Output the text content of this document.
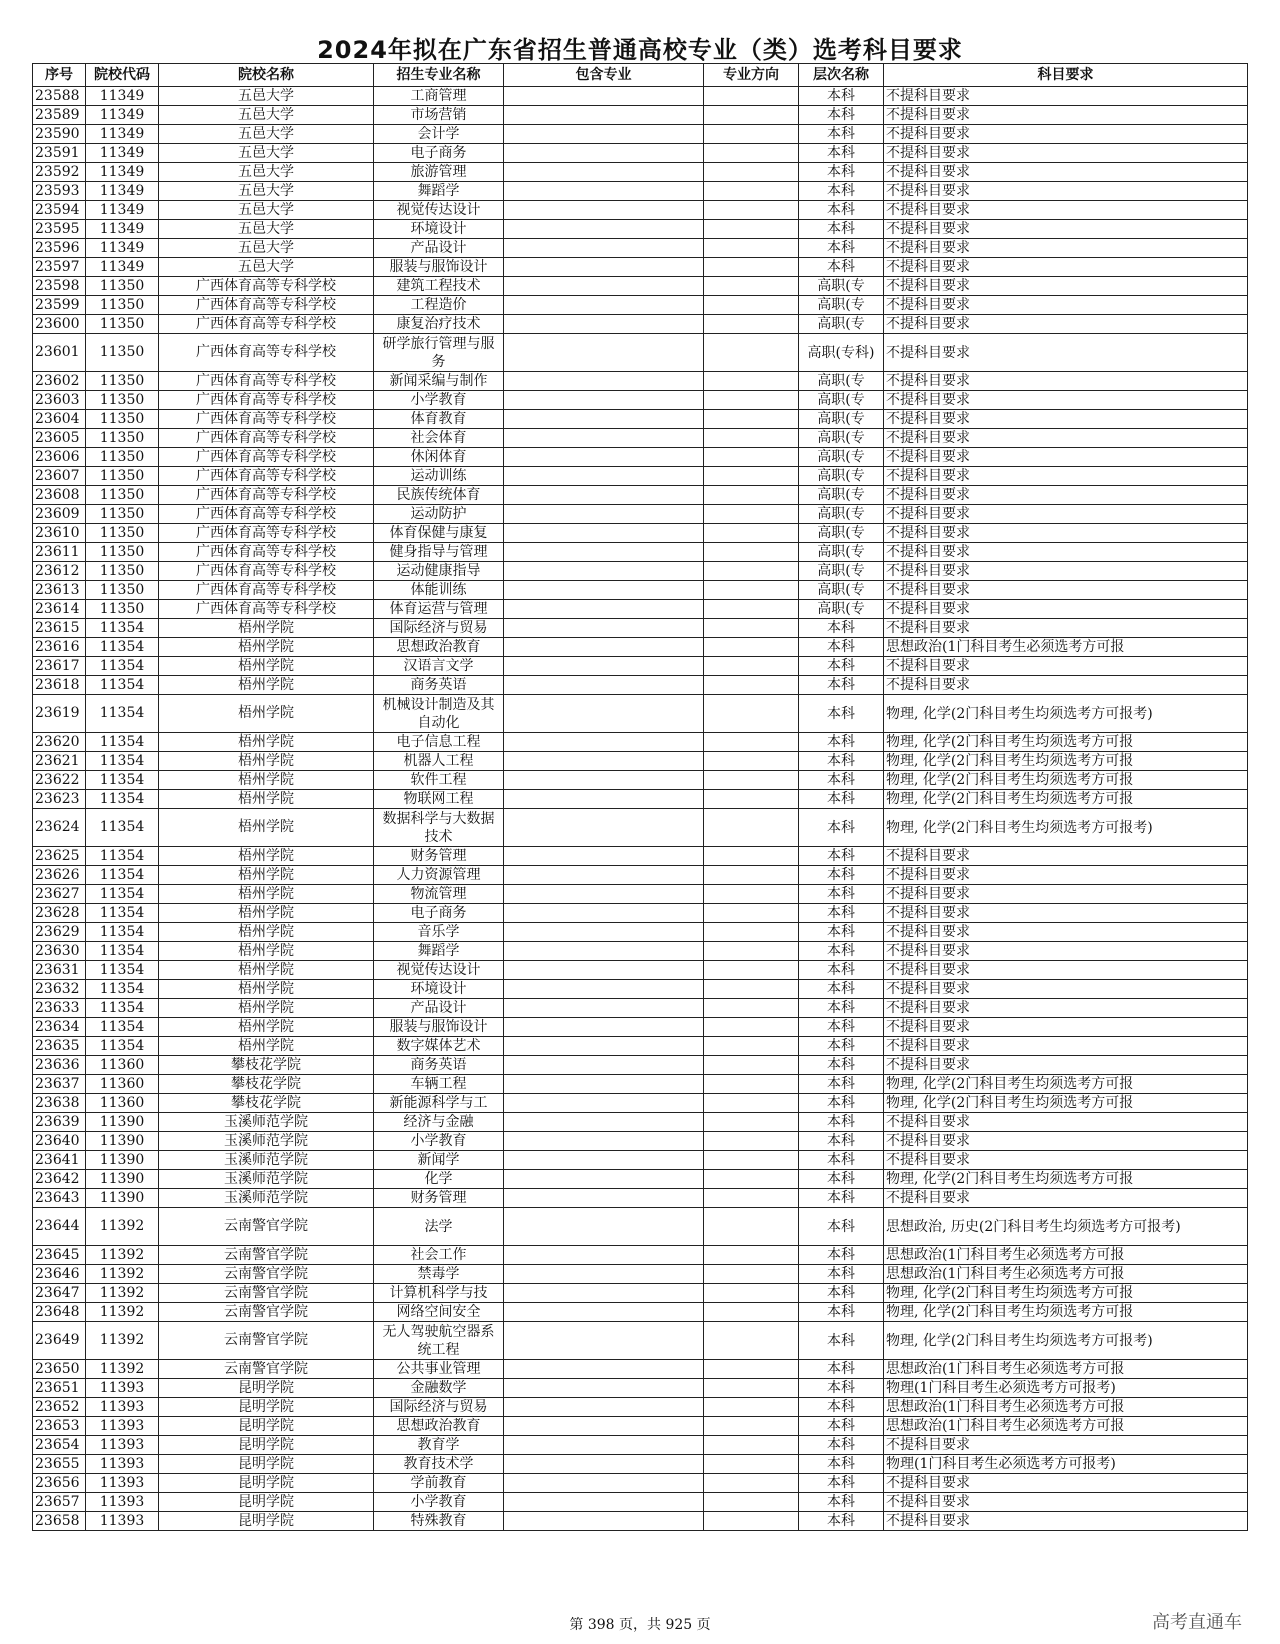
2024年拟在广东省招生普通高校专业（类）选考科目要求
序号	院校代码	院校名称	招生专业名称	包含专业	专业方向	层次名称	科目要求
23588	11349	五邑大学	工商管理			本科	不提科目要求
23589	11349	五邑大学	市场营销			本科	不提科目要求
23590	11349	五邑大学	会计学			本科	不提科目要求
23591	11349	五邑大学	电子商务			本科	不提科目要求
23592	11349	五邑大学	旅游管理			本科	不提科目要求
23593	11349	五邑大学	舞蹈学			本科	不提科目要求
23594	11349	五邑大学	视觉传达设计			本科	不提科目要求
23595	11349	五邑大学	环境设计			本科	不提科目要求
23596	11349	五邑大学	产品设计			本科	不提科目要求
23597	11349	五邑大学	服装与服饰设计			本科	不提科目要求
23598	11350	广西体育高等专科学校	建筑工程技术			高职(专	不提科目要求
23599	11350	广西体育高等专科学校	工程造价			高职(专	不提科目要求
23600	11350	广西体育高等专科学校	康复治疗技术			高职(专	不提科目要求
23601	11350	广西体育高等专科学校	研学旅行管理与服务			高职(专科)	不提科目要求
23602	11350	广西体育高等专科学校	新闻采编与制作			高职(专	不提科目要求
23603	11350	广西体育高等专科学校	小学教育			高职(专	不提科目要求
23604	11350	广西体育高等专科学校	体育教育			高职(专	不提科目要求
23605	11350	广西体育高等专科学校	社会体育			高职(专	不提科目要求
23606	11350	广西体育高等专科学校	休闲体育			高职(专	不提科目要求
23607	11350	广西体育高等专科学校	运动训练			高职(专	不提科目要求
23608	11350	广西体育高等专科学校	民族传统体育			高职(专	不提科目要求
23609	11350	广西体育高等专科学校	运动防护			高职(专	不提科目要求
23610	11350	广西体育高等专科学校	体育保健与康复			高职(专	不提科目要求
23611	11350	广西体育高等专科学校	健身指导与管理			高职(专	不提科目要求
23612	11350	广西体育高等专科学校	运动健康指导			高职(专	不提科目要求
23613	11350	广西体育高等专科学校	体能训练			高职(专	不提科目要求
23614	11350	广西体育高等专科学校	体育运营与管理			高职(专	不提科目要求
23615	11354	梧州学院	国际经济与贸易			本科	不提科目要求
23616	11354	梧州学院	思想政治教育			本科	思想政治(1门科目考生必须选考方可报
23617	11354	梧州学院	汉语言文学			本科	不提科目要求
23618	11354	梧州学院	商务英语			本科	不提科目要求
23619	11354	梧州学院	机械设计制造及其自动化			本科	物理, 化学(2门科目考生均须选考方可报考)
23620	11354	梧州学院	电子信息工程			本科	物理, 化学(2门科目考生均须选考方可报
23621	11354	梧州学院	机器人工程			本科	物理, 化学(2门科目考生均须选考方可报
23622	11354	梧州学院	软件工程			本科	物理, 化学(2门科目考生均须选考方可报
23623	11354	梧州学院	物联网工程			本科	物理, 化学(2门科目考生均须选考方可报
23624	11354	梧州学院	数据科学与大数据技术			本科	物理, 化学(2门科目考生均须选考方可报考)
23625	11354	梧州学院	财务管理			本科	不提科目要求
23626	11354	梧州学院	人力资源管理			本科	不提科目要求
23627	11354	梧州学院	物流管理			本科	不提科目要求
23628	11354	梧州学院	电子商务			本科	不提科目要求
23629	11354	梧州学院	音乐学			本科	不提科目要求
23630	11354	梧州学院	舞蹈学			本科	不提科目要求
23631	11354	梧州学院	视觉传达设计			本科	不提科目要求
23632	11354	梧州学院	环境设计			本科	不提科目要求
23633	11354	梧州学院	产品设计			本科	不提科目要求
23634	11354	梧州学院	服装与服饰设计			本科	不提科目要求
23635	11354	梧州学院	数字媒体艺术			本科	不提科目要求
23636	11360	攀枝花学院	商务英语			本科	不提科目要求
23637	11360	攀枝花学院	车辆工程			本科	物理, 化学(2门科目考生均须选考方可报
23638	11360	攀枝花学院	新能源科学与工			本科	物理, 化学(2门科目考生均须选考方可报
23639	11390	玉溪师范学院	经济与金融			本科	不提科目要求
23640	11390	玉溪师范学院	小学教育			本科	不提科目要求
23641	11390	玉溪师范学院	新闻学			本科	不提科目要求
23642	11390	玉溪师范学院	化学			本科	物理, 化学(2门科目考生均须选考方可报
23643	11390	玉溪师范学院	财务管理			本科	不提科目要求
23644	11392	云南警官学院	法学			本科	思想政治, 历史(2门科目考生均须选考方可报考)
23645	11392	云南警官学院	社会工作			本科	思想政治(1门科目考生必须选考方可报
23646	11392	云南警官学院	禁毒学			本科	思想政治(1门科目考生必须选考方可报
23647	11392	云南警官学院	计算机科学与技			本科	物理, 化学(2门科目考生均须选考方可报
23648	11392	云南警官学院	网络空间安全			本科	物理, 化学(2门科目考生均须选考方可报
23649	11392	云南警官学院	无人驾驶航空器系统工程			本科	物理, 化学(2门科目考生均须选考方可报考)
23650	11392	云南警官学院	公共事业管理			本科	思想政治(1门科目考生必须选考方可报
23651	11393	昆明学院	金融数学			本科	物理(1门科目考生必须选考方可报考)
23652	11393	昆明学院	国际经济与贸易			本科	思想政治(1门科目考生必须选考方可报
23653	11393	昆明学院	思想政治教育			本科	思想政治(1门科目考生必须选考方可报
23654	11393	昆明学院	教育学			本科	不提科目要求
23655	11393	昆明学院	教育技术学			本科	物理(1门科目考生必须选考方可报考)
23656	11393	昆明学院	学前教育			本科	不提科目要求
23657	11393	昆明学院	小学教育			本科	不提科目要求
23658	11393	昆明学院	特殊教育			本科	不提科目要求
第 398 页，共 925 页	高考直通车
